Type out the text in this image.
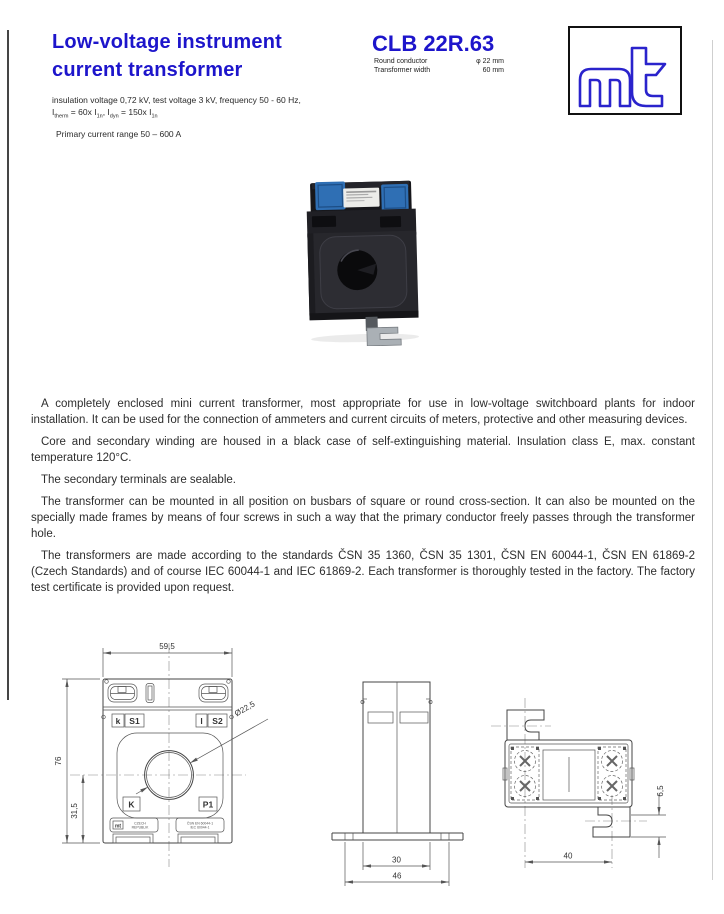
Low-voltage instrument
current transformer
CLB 22R.63
Round conductor	φ 22 mm
Transformer width	60 mm
insulation voltage 0,72 kV, test voltage 3 kV, frequency 50 - 60 Hz,
$I_{therm} = 60x$ $I_{1n}$, $I_{dyn} = 150x$ $I_{1n}$
Primary current range 50 – 600 A

A completely enclosed mini current transformer, most appropriate for use in low-voltage switchboard plants for indoor installation. It can be used for the connection of ammeters and current circuits of meters, protective and other measuring devices.

Core and secondary winding are housed in a black case of self-extinguishing material. Insulation class E, max. constant temperature 120°C.

The secondary terminals are sealable.

The transformer can be mounted in all position on busbars of square or round cross-section. It can also be mounted on the specially made frames by means of four screws in such a way that the primary conductor freely passes through the transformer hole.

The transformers are made according to the standards ČSN 35 1360, ČSN 35 1301, ČSN EN 60044-1, ČSN EN 61869-2 (Czech Standards) and of course IEC 60044-1 and IEC 61869-2. Each transformer is thoroughly tested in the factory. The factory test certificate is provided upon request.

k S1	l S2
K	P1
mt	CZECH
REPUBLIK
ČSN EN 60044-1
IEC 60044-1
59,5
76
31,5
Ø22,5
30
46
40
6,5
